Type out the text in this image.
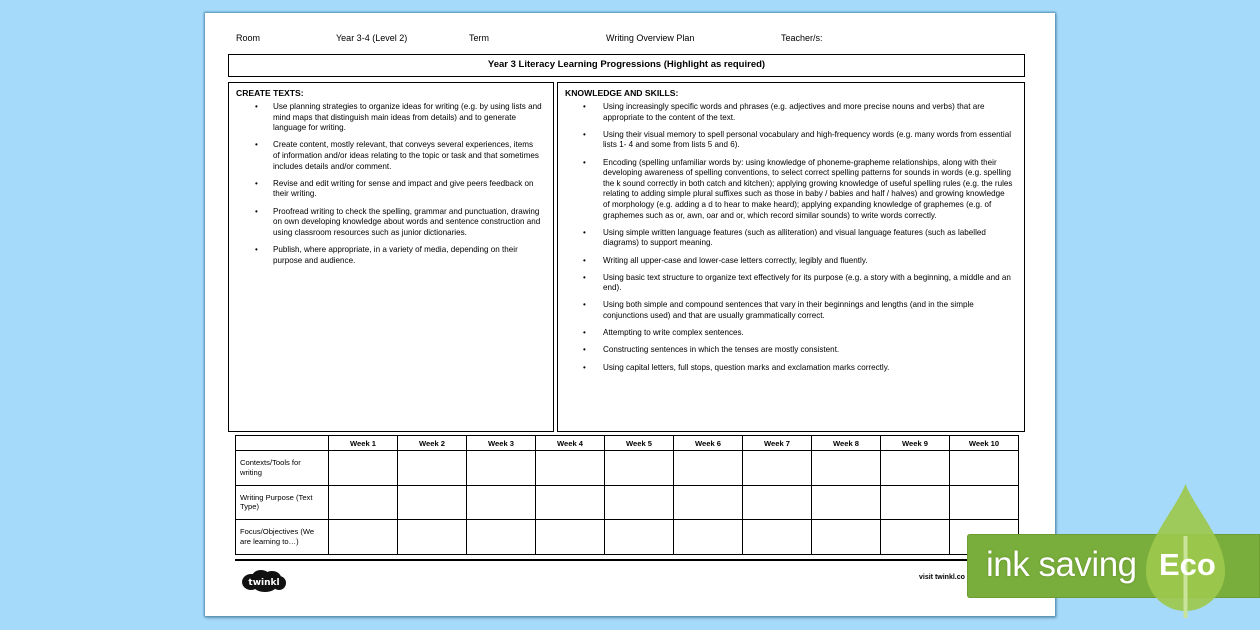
Room	Year 3-4 (Level 2)	Term	Writing Overview Plan	Teacher/s:
Year 3 Literacy Learning Progressions (Highlight as required)
CREATE TEXTS:
• Use planning strategies to organize ideas for writing (e.g. by using lists and mind maps that distinguish main ideas from details) and to generate language for writing.
• Create content, mostly relevant, that conveys several experiences, items of information and/or ideas relating to the topic or task and that sometimes includes details and/or comment.
• Revise and edit writing for sense and impact and give peers feedback on their writing.
• Proofread writing to check the spelling, grammar and punctuation, drawing on own developing knowledge about words and sentence construction and using classroom resources such as junior dictionaries.
• Publish, where appropriate, in a variety of media, depending on their purpose and audience.
KNOWLEDGE AND SKILLS:
• Using increasingly specific words and phrases (e.g. adjectives and more precise nouns and verbs) that are appropriate to the content of the text.
• Using their visual memory to spell personal vocabulary and high-frequency words (e.g. many words from essential lists 1- 4 and some from lists 5 and 6).
• Encoding (spelling unfamiliar words by: using knowledge of phoneme-grapheme relationships, along with their developing awareness of spelling conventions, to select correct spelling patterns for sounds in words (e.g. spelling the k sound correctly in both catch and kitchen); applying growing knowledge of useful spelling rules (e.g. the rules relating to adding simple plural suffixes such as those in baby / babies and half / halves) and growing knowledge of morphology (e.g. adding a d to hear to make heard); applying expanding knowledge of graphemes (e.g. of graphemes such as or, awn, oar and or, which record similar sounds) to write words correctly.
• Using simple written language features (such as alliteration) and visual language features (such as labelled diagrams) to support meaning.
• Writing all upper-case and lower-case letters correctly, legibly and fluently.
• Using basic text structure to organize text effectively for its purpose (e.g. a story with a beginning, a middle and an end).
• Using both simple and compound sentences that vary in their beginnings and lengths (and in the simple conjunctions used) and that are usually grammatically correct.
• Attempting to write complex sentences.
• Constructing sentences in which the tenses are mostly consistent.
• Using capital letters, full stops, question marks and exclamation marks correctly.
	Week 1	Week 2	Week 3	Week 4	Week 5	Week 6	Week 7	Week 8	Week 9	Week 10
Contexts/Tools for writing										
Writing Purpose (Text Type)										
Focus/Objectives (We are learning to…)										
twinkl
visit twinkl.co ink saving Eco
